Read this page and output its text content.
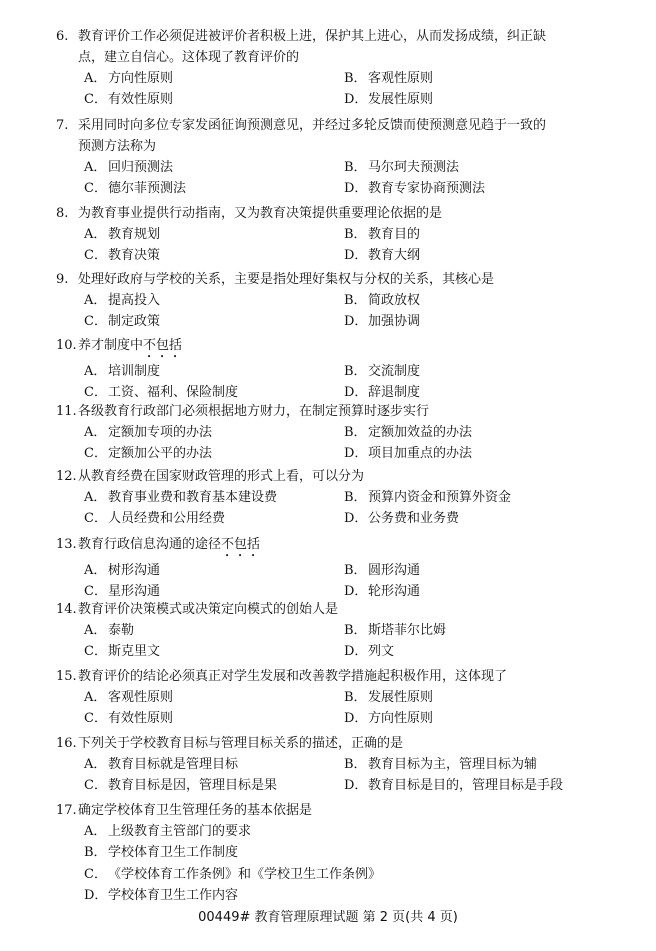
6. 教育评价工作必须促进被评价者积极上进，保护其上进心，从而发扬成绩，纠正缺
点，建立自信心。这体现了教育评价的

A． 方向性原则	B．客观性原则
C．有效性原则	D．发展性原则

7. 采用同时向多位专家发函征询预测意见，并经过多轮反馈而使预测意见趋于一致的
预测方法称为

A． 回归预测法	B．马尔珂夫预测法
C．德尔菲预测法	D．教育专家协商预测法

8. 为教育事业提供行动指南，又为教育决策提供重要理论依据的是

A． 教育规划	B．教育目的
C．教育决策	D．教育大纲

9. 处理好政府与学校的关系，主要是指处理好集权与分权的关系，其核心是

A． 提高投入	B．简政放权
C．制定政策	D．加强协调

10.养才制度中不包括

A． 培训制度	B．交流制度
C．工资、福利、保险制度	D．辞退制度

11.各级教育行政部门必须根据地方财力，在制定预算时逐步实行

A． 定额加专项的办法	B．定额加效益的办法
C．定额加公平的办法	D．项目加重点的办法

12.从教育经费在国家财政管理的形式上看，可以分为

A． 教育事业费和教育基本建设费	B．预算内资金和预算外资金
C．人员经费和公用经费	D．公务费和业务费

13.教育行政信息沟通的途径不包括

A． 树形沟通	B．圆形沟通
C．星形沟通	D．轮形沟通

14.教育评价决策模式或决策定向模式的创始人是

A． 泰勒	B．斯塔菲尔比姆
C．斯克里文	D．列文

15.教育评价的结论必须真正对学生发展和改善教学措施起积极作用，这体现了

A． 客观性原则	B．发展性原则
C．有效性原则	D．方向性原则

16.下列关于学校教育目标与管理目标关系的描述，正确的是

A． 教育目标就是管理目标	B．教育目标为主，管理目标为辅
C．教育目标是因，管理目标是果	D．教育目标是目的，管理目标是手段

17.确定学校体育卫生管理任务的基本依据是

A． 上级教育主管部门的要求
B．学校体育卫生工作制度
C．《学校体育工作条例》和《学校卫生工作条例》
D．学校体育卫生工作内容
00449# 教育管理原理试题 第 2 页(共 4 页)
